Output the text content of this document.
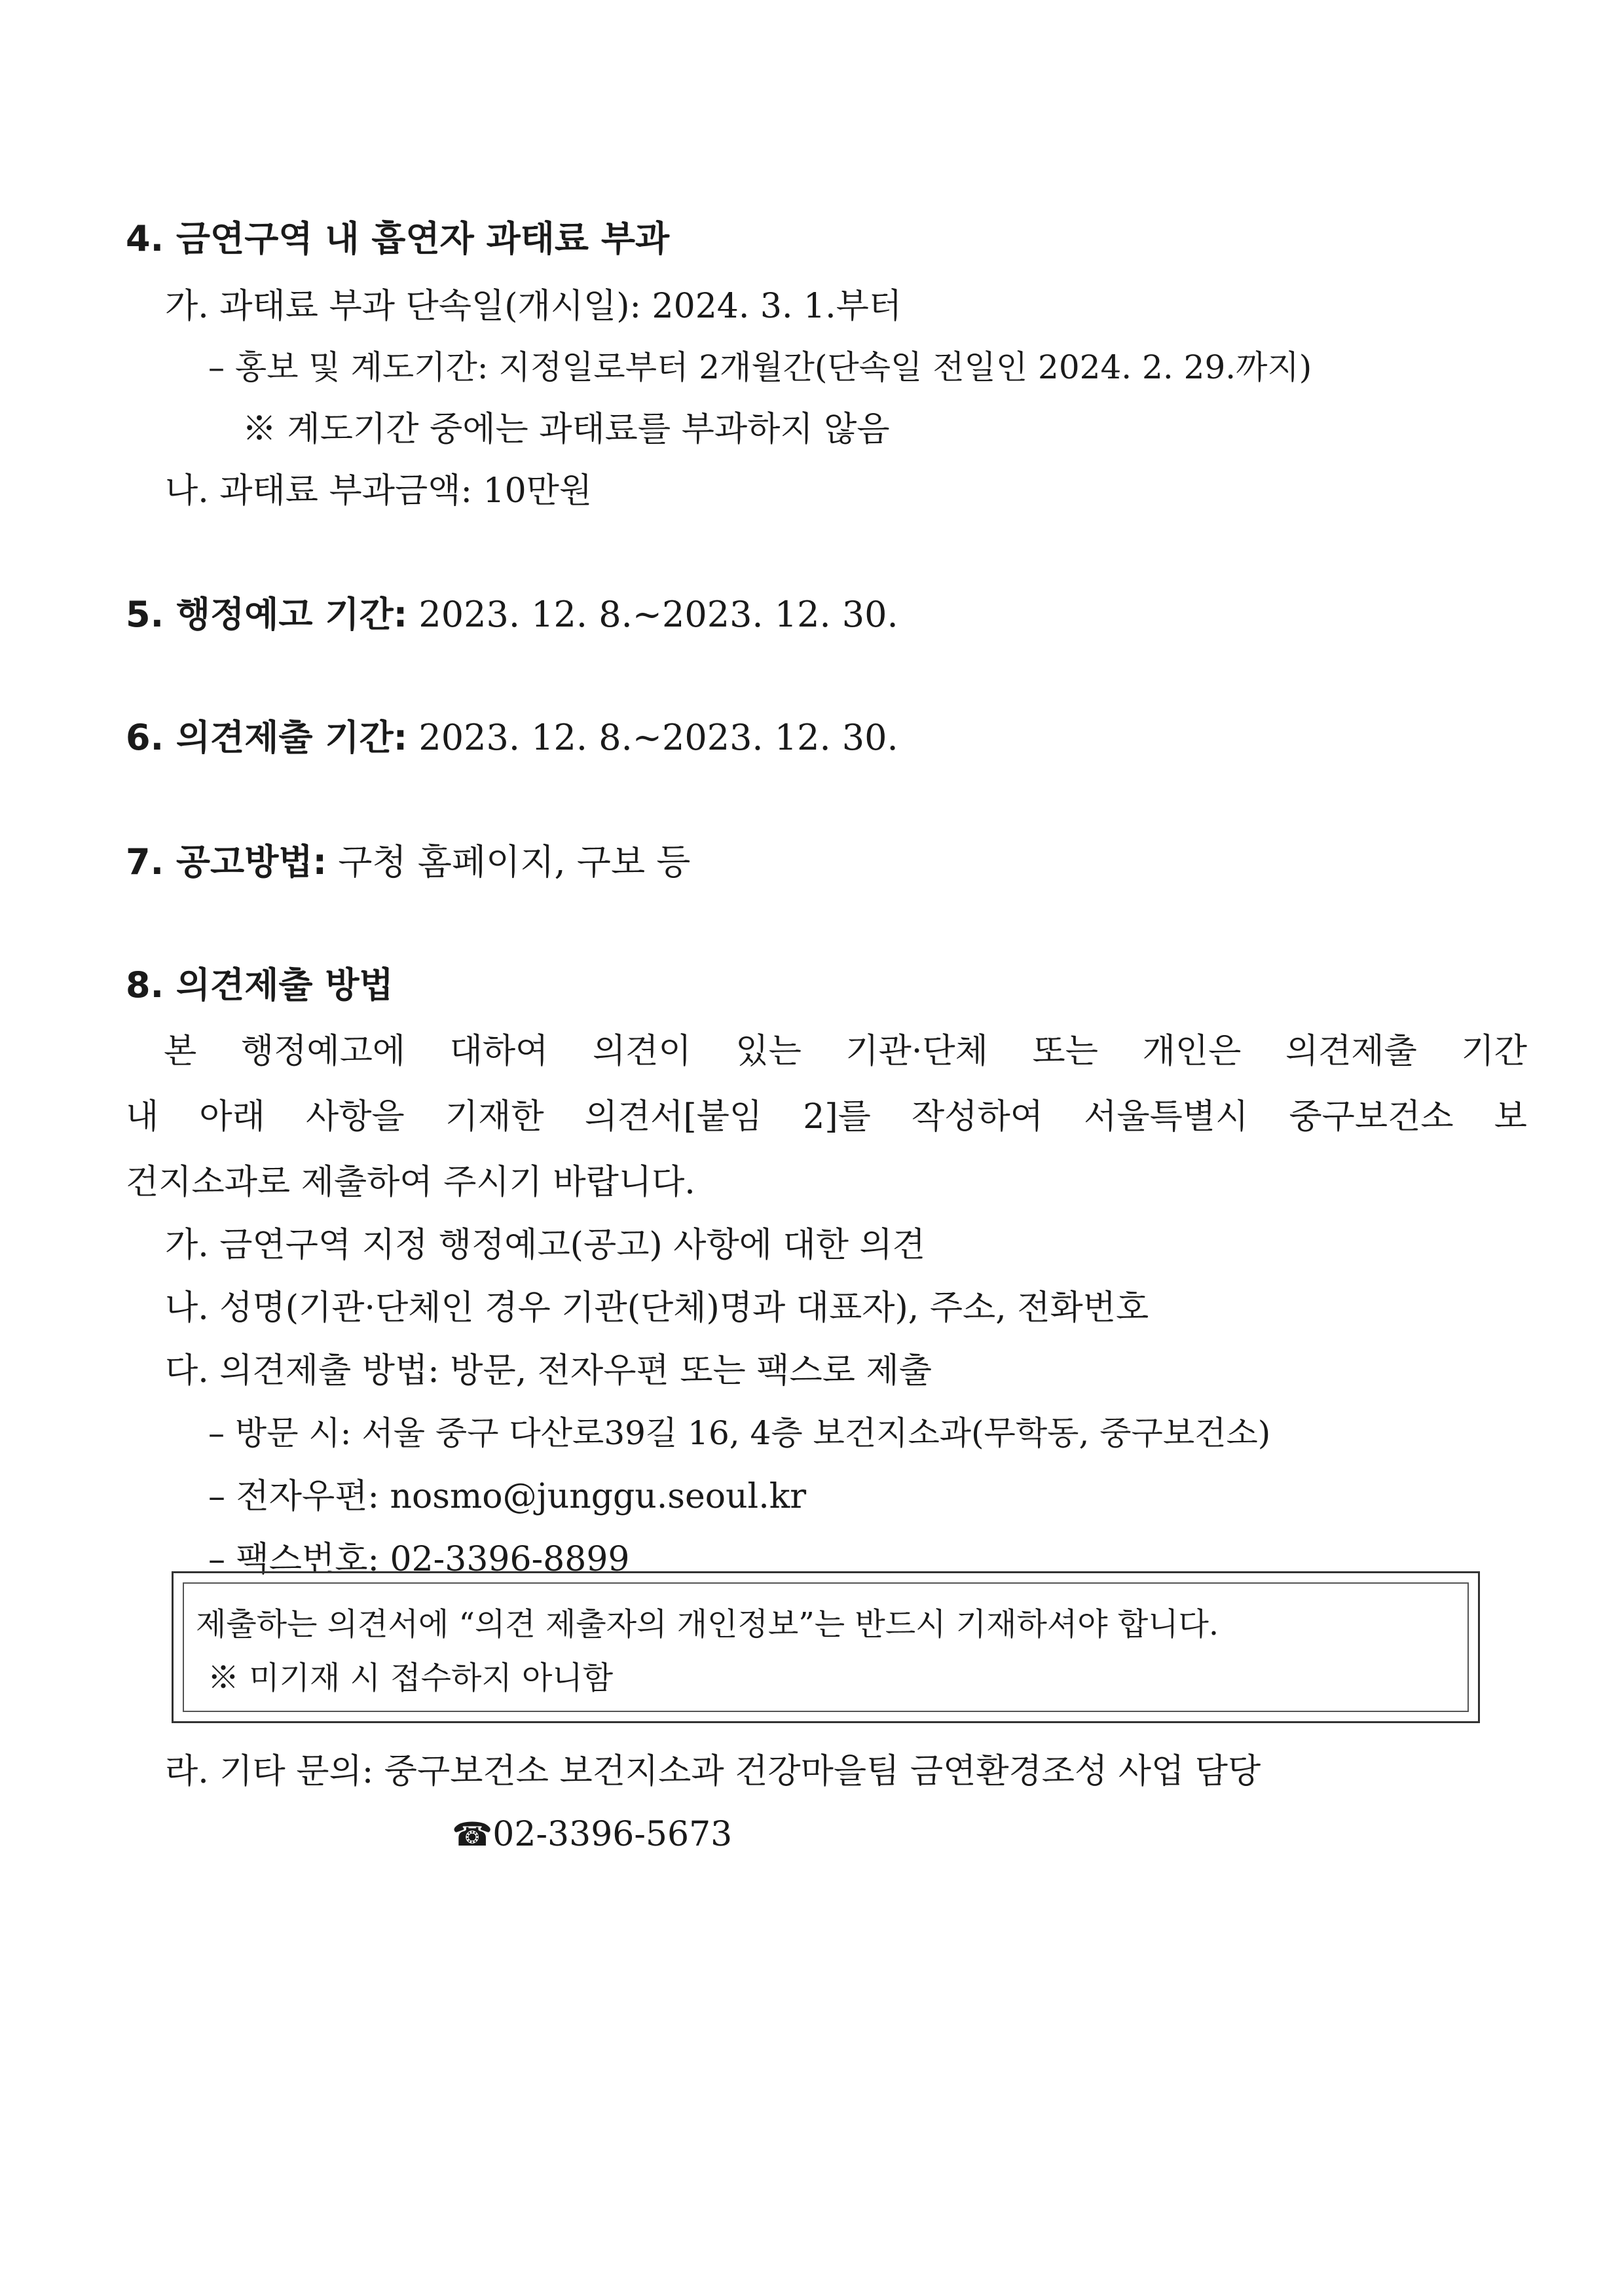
4. 금연구역 내 흡연자 과태료 부과
가. 과태료 부과 단속일(개시일): 2024. 3. 1.부터
– 홍보 및 계도기간: 지정일로부터 2개월간(단속일 전일인 2024. 2. 29.까지)
※ 계도기간 중에는 과태료를 부과하지 않음
나. 과태료 부과금액: 10만원
5. 행정예고 기간: 2023. 12. 8.~2023. 12. 30.
6. 의견제출 기간: 2023. 12. 8.~2023. 12. 30.
7. 공고방법: 구청 홈페이지, 구보 등
8. 의견제출 방법
본 행정예고에 대하여 의견이 있는 기관·단체 또는 개인은 의견제출 기간
내 아래 사항을 기재한 의견서[붙임 2]를 작성하여 서울특별시 중구보건소 보
건지소과로 제출하여 주시기 바랍니다.
가. 금연구역 지정 행정예고(공고) 사항에 대한 의견
나. 성명(기관·단체인 경우 기관(단체)명과 대표자), 주소, 전화번호
다. 의견제출 방법: 방문, 전자우편 또는 팩스로 제출
– 방문 시: 서울 중구 다산로39길 16, 4층 보건지소과(무학동, 중구보건소)
– 전자우편: nosmo@junggu.seoul.kr
– 팩스번호: 02-3396-8899
제출하는 의견서에 “의견 제출자의 개인정보”는 반드시 기재하셔야 합니다.
※ 미기재 시 접수하지 아니함
라. 기타 문의: 중구보건소 보건지소과 건강마을팀 금연환경조성 사업 담당
☎02-3396-5673
